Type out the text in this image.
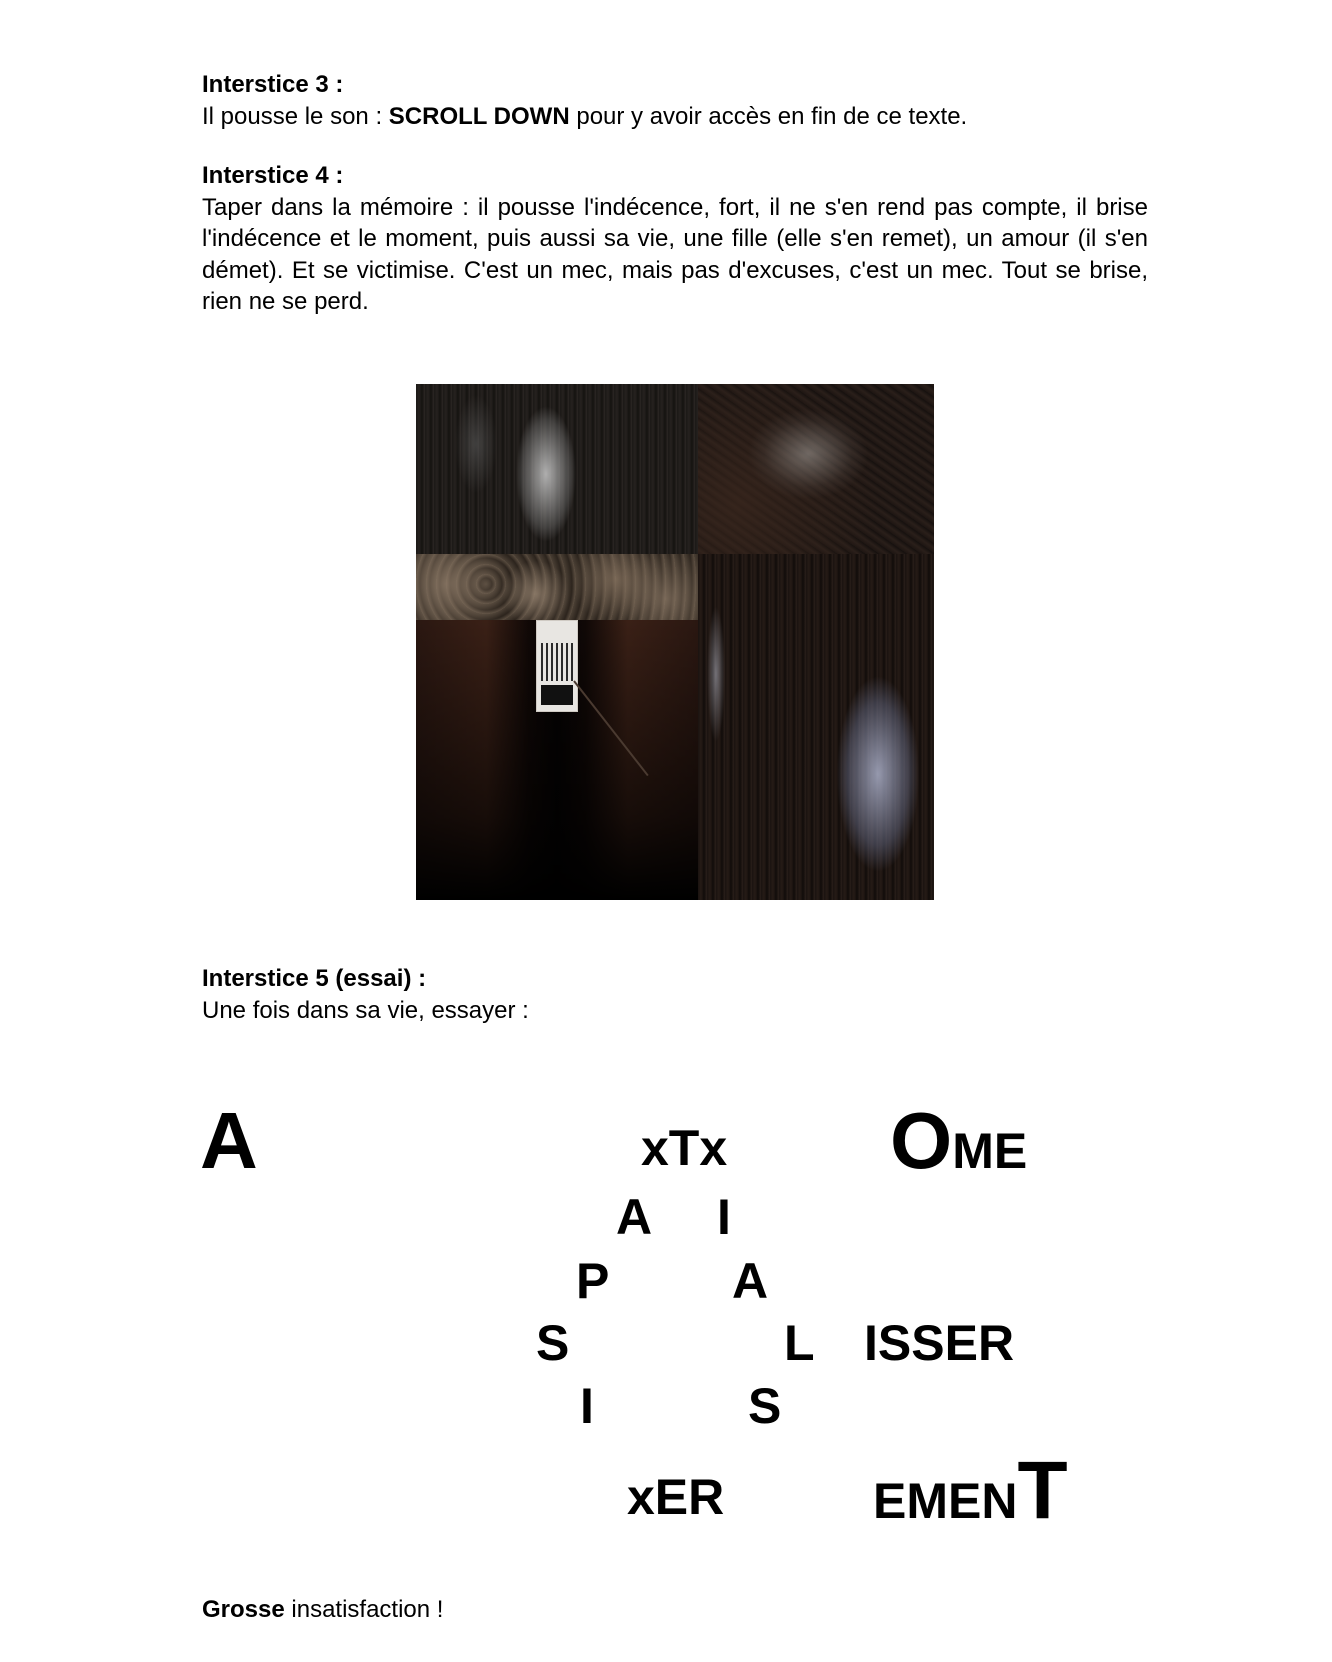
Interstice 3 :
Il pousse le son : SCROLL DOWN pour y avoir accès en fin de ce texte.
Interstice 4 :
Taper dans la mémoire : il pousse l'indécence, fort, il ne s'en rend pas compte, il brise l'indécence et le moment, puis aussi sa vie, une fille (elle s'en remet), un amour (il s'en démet). Et se victimise. C'est un mec, mais pas d'excuses, c'est un mec. Tout se brise, rien ne se perd.
Interstice 5 (essai) :
Une fois dans sa vie, essayer :
A	xTx OME
A I
P A
S	L ISSER
I	S
xER	EMENT
Grosse insatisfaction !
